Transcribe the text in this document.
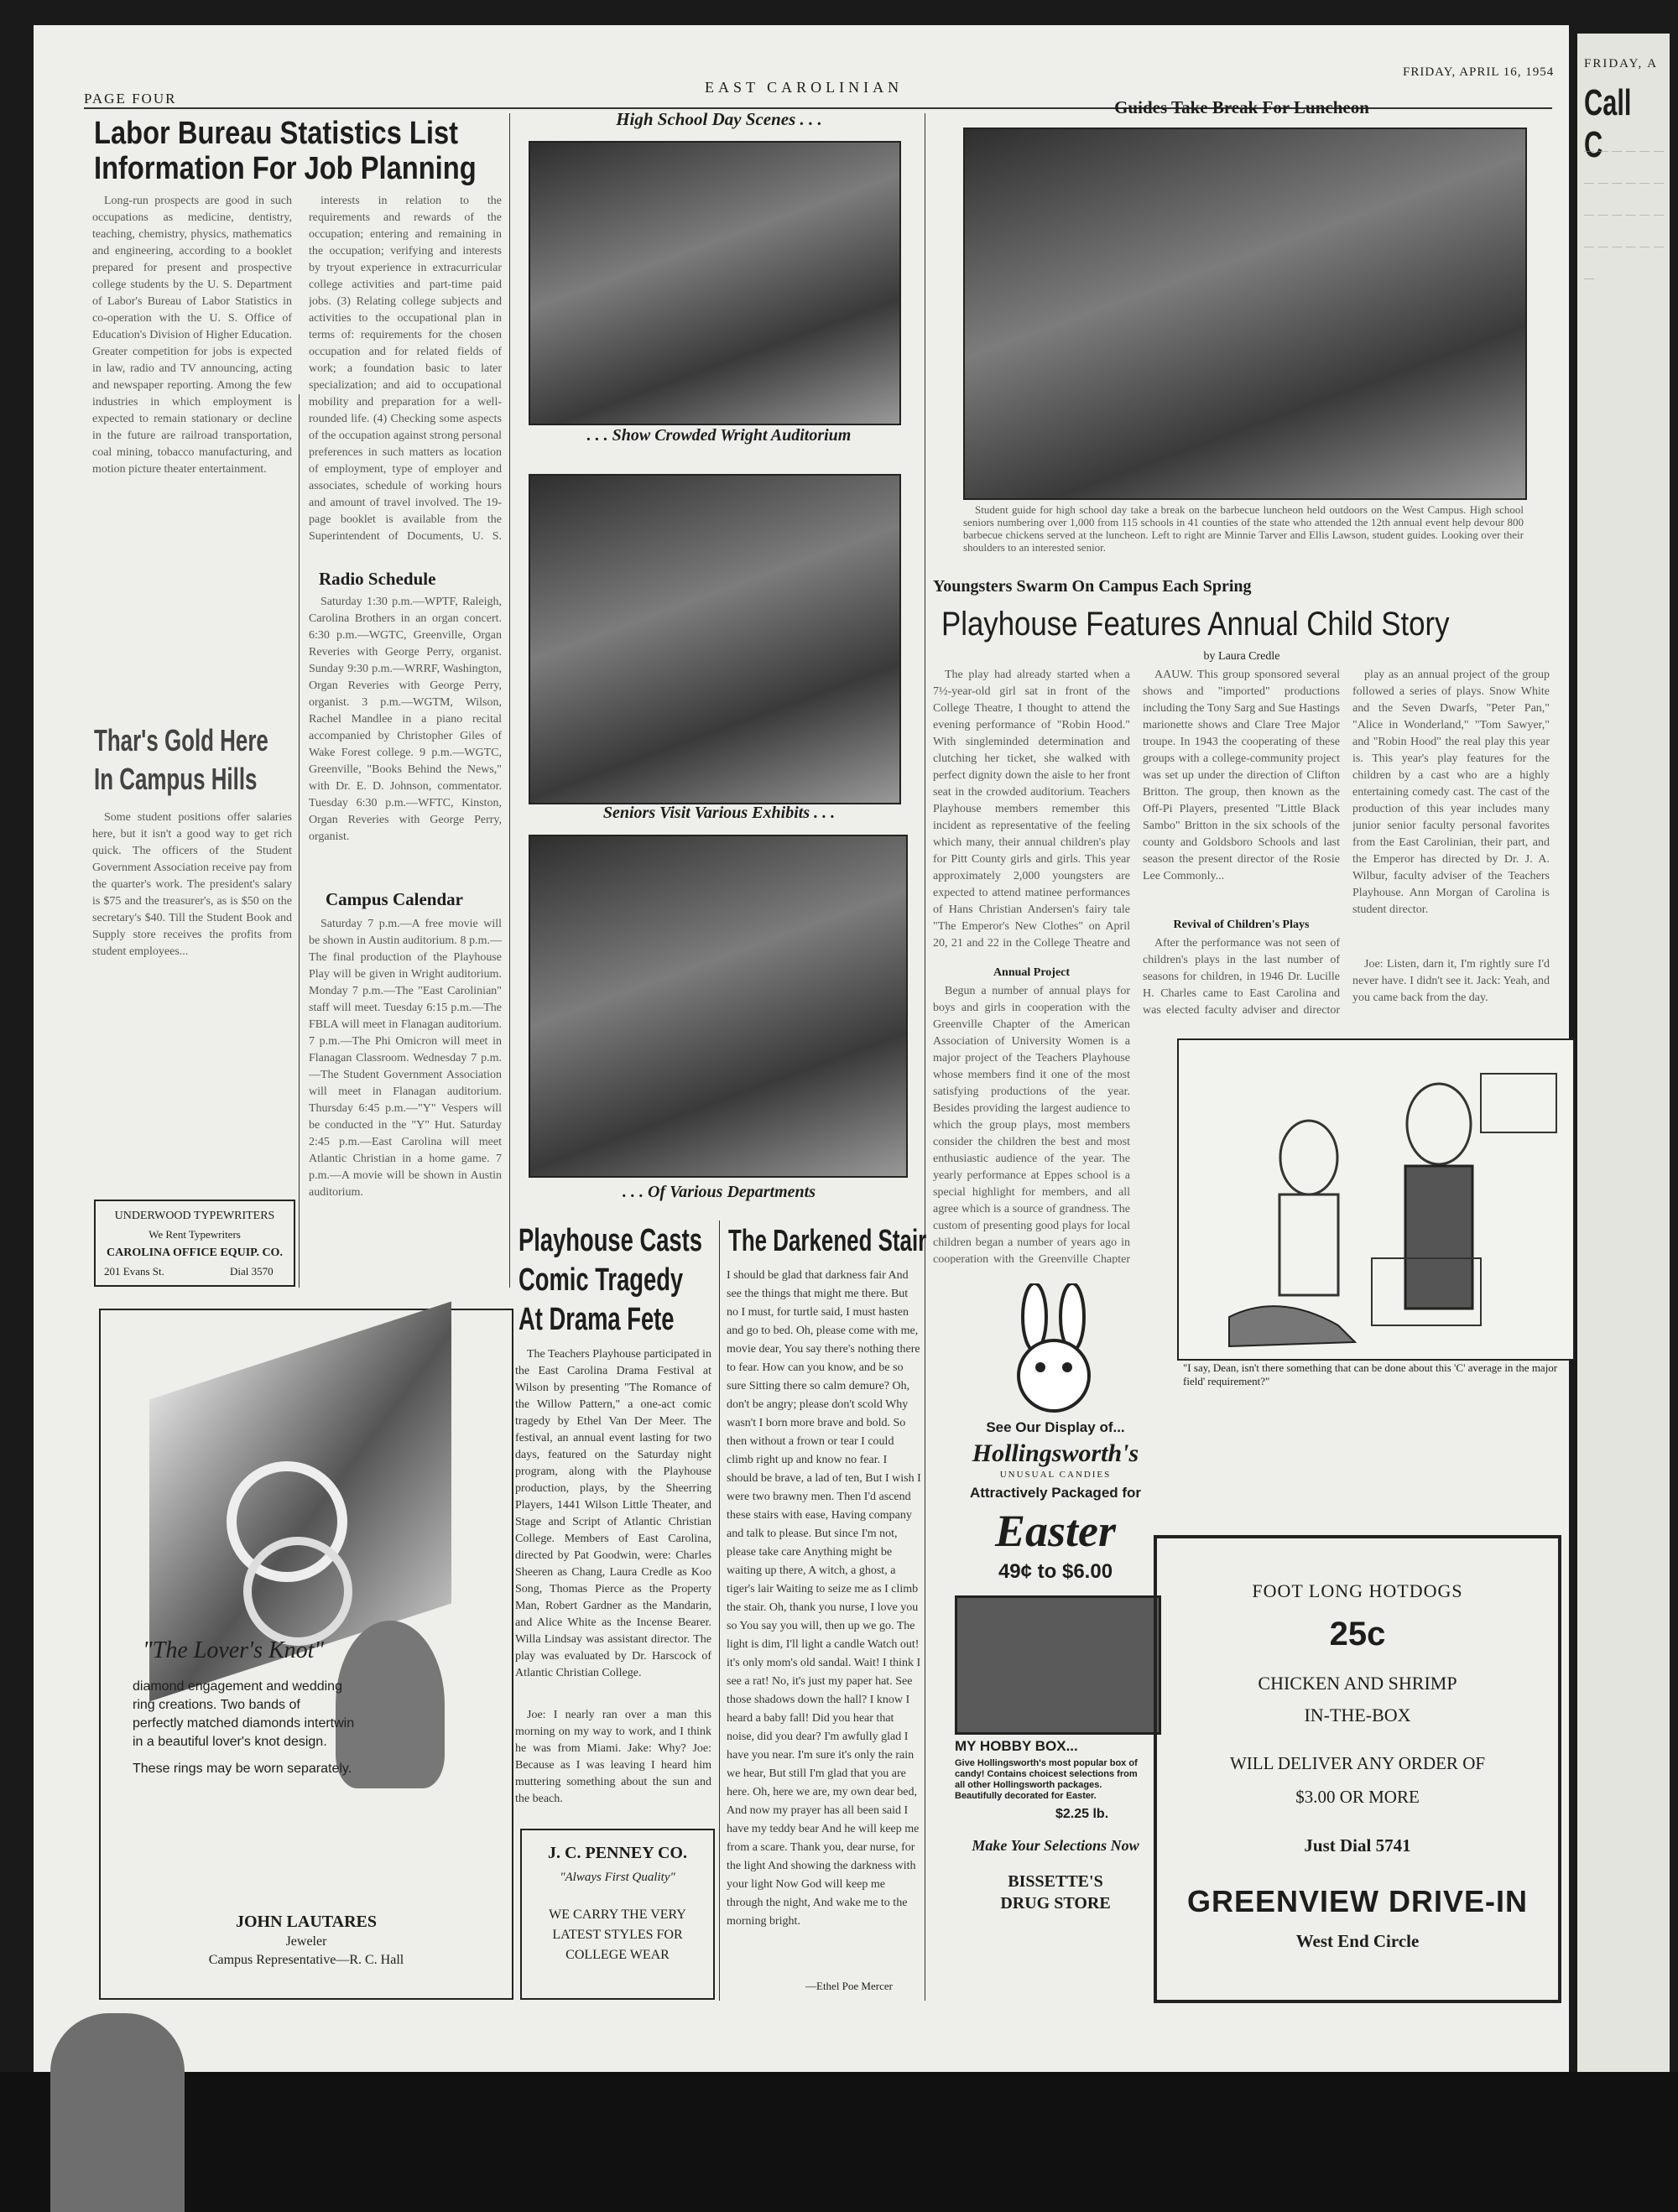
FRIDAY, A
Call C
— — — — — — — — — — — — — — — — — — — — — — — — —
PAGE FOUR
EAST CAROLINIAN
FRIDAY, APRIL 16, 1954
Labor Bureau Statistics List
Information For Job Planning

Long-run prospects are good in such occupations as medicine, dentistry, teaching, chemistry, physics, mathematics and engineering, according to a booklet prepared for present and prospective college students by the U. S. Department of Labor's Bureau of Labor Statistics in co-operation with the U. S. Office of Education's Division of Higher Education. Greater competition for jobs is expected in law, radio and TV announcing, acting and newspaper reporting. Among the few industries in which employment is expected to remain stationary or decline in the future are railroad transportation, coal mining, tobacco manufacturing, and motion picture theater entertainment.

interests in relation to the requirements and rewards of the occupation; entering and remaining in the occupation; verifying and interests by tryout experience in extracurricular college activities and part-time paid jobs. (3) Relating college subjects and activities to the occupational plan in terms of: requirements for the chosen occupation and for related fields of work; a foundation basic to later specialization; and aid to occupational mobility and preparation for a well-rounded life. (4) Checking some aspects of the occupation against strong personal preferences in such matters as location of employment, type of employer and associates, schedule of working hours and amount of travel involved. The 19-page booklet is available from the Superintendent of Documents, U. S.

Thar's Gold Here
In Campus Hills

Some student positions offer salaries here, but it isn't a good way to get rich quick. The officers of the Student Government Association receive pay from the quarter's work. The president's salary is $75 and the treasurer's, as is $50 on the secretary's $40. Till the Student Book and Supply store receives the profits from student employees...

Radio Schedule

Saturday 1:30 p.m.—WPTF, Raleigh, Carolina Brothers in an organ concert. 6:30 p.m.—WGTC, Greenville, Organ Reveries with George Perry, organist. Sunday 9:30 p.m.—WRRF, Washington, Organ Reveries with George Perry, organist. 3 p.m.—WGTM, Wilson, Rachel Mandlee in a piano recital accompanied by Christopher Giles of Wake Forest college. 9 p.m.—WGTC, Greenville, "Books Behind the News," with Dr. E. D. Johnson, commentator. Tuesday 6:30 p.m.—WFTC, Kinston, Organ Reveries with George Perry, organist.

Campus Calendar

Saturday 7 p.m.—A free movie will be shown in Austin auditorium. 8 p.m.—The final production of the Playhouse Play will be given in Wright auditorium. Monday 7 p.m.—The "East Carolinian" staff will meet. Tuesday 6:15 p.m.—The FBLA will meet in Flanagan auditorium. 7 p.m.—The Phi Omicron will meet in Flanagan Classroom. Wednesday 7 p.m.—The Student Government Association will meet in Flanagan auditorium. Thursday 6:45 p.m.—"Y" Vespers will be conducted in the "Y" Hut. Saturday 2:45 p.m.—East Carolina will meet Atlantic Christian in a home game. 7 p.m.—A movie will be shown in Austin auditorium.

UNDERWOOD TYPEWRITERS
We Rent Typewriters
CAROLINA OFFICE EQUIP. CO.
201 Evans St.	Dial 3570
High School Day Scenes . . .
. . . Show Crowded Wright Auditorium
Seniors Visit Various Exhibits . . .
. . . Of Various Departments
Guides Take Break For Luncheon

Student guide for high school day take a break on the barbecue luncheon held outdoors on the West Campus. High school seniors numbering over 1,000 from 115 schools in 41 counties of the state who attended the 12th annual event help devour 800 barbecue chickens served at the luncheon. Left to right are Minnie Tarver and Ellis Lawson, student guides. Looking over their shoulders to an interested senior.

Youngsters Swarm On Campus Each Spring
Playhouse Features Annual Child Story
by Laura Credle

The play had already started when a 7½-year-old girl sat in front of the College Theatre, I thought to attend the evening performance of "Robin Hood." With singleminded determination and clutching her ticket, she walked with perfect dignity down the aisle to her front seat in the crowded auditorium. Teachers Playhouse members remember this incident as representative of the feeling which many, their annual children's play for Pitt County girls and girls. This year approximately 2,000 youngsters are expected to attend matinee performances of Hans Christian Andersen's fairy tale "The Emperor's New Clothes" on April 20, 21 and 22 in the College Theatre and

Annual Project

Begun a number of annual plays for boys and girls in cooperation with the Greenville Chapter of the American Association of University Women is a major project of the Teachers Playhouse whose members find it one of the most satisfying productions of the year. Besides providing the largest audience to which the group plays, most members consider the children the best and most enthusiastic audience of the year. The yearly performance at Eppes school is a special highlight for members, and all agree which is a source of grandness. The custom of presenting good plays for local children began a number of years ago in cooperation with the Greenville Chapter

AAUW. This group sponsored several shows and "imported" productions including the Tony Sarg and Sue Hastings marionette shows and Clare Tree Major troupe. In 1943 the cooperating of these groups with a college-community project was set up under the direction of Clifton Britton. The group, then known as the Off-Pi Players, presented "Little Black Sambo" Britton in the six schools of the county and Goldsboro Schools and last season the present director of the Rosie Lee Commonly...

Revival of Children's Plays

After the performance was not seen of children's plays in the last number of seasons for children, in 1946 Dr. Lucille H. Charles came to East Carolina and was elected faculty adviser and director

play as an annual project of the group followed a series of plays. Snow White and the Seven Dwarfs, "Peter Pan," "Alice in Wonderland," "Tom Sawyer," and "Robin Hood" the real play this year is. This year's play features for the children by a cast who are a highly entertaining comedy cast. The cast of the production of this year includes many junior senior faculty personal favorites from the East Carolinian, their part, and the Emperor has directed by Dr. J. A. Wilbur, faculty adviser of the Teachers Playhouse. Ann Morgan of Carolina is student director.

Joe: Listen, darn it, I'm rightly sure I'd never have. I didn't see it. Jack: Yeah, and you came back from the day.

"I say, Dean, isn't there something that can be done about this 'C' average in the major field' requirement?"
Playhouse Casts
Comic Tragedy
At Drama Fete

The Teachers Playhouse participated in the East Carolina Drama Festival at Wilson by presenting "The Romance of the Willow Pattern," a one-act comic tragedy by Ethel Van Der Meer. The festival, an annual event lasting for two days, featured on the Saturday night program, along with the Playhouse production, plays, by the Sheerring Players, 1441 Wilson Little Theater, and Stage and Script of Atlantic Christian College. Members of East Carolina, directed by Pat Goodwin, were: Charles Sheeren as Chang, Laura Credle as Koo Song, Thomas Pierce as the Property Man, Robert Gardner as the Mandarin, and Alice White as the Incense Bearer. Willa Lindsay was assistant director. The play was evaluated by Dr. Harscock of Atlantic Christian College.

Joe: I nearly ran over a man this morning on my way to work, and I think he was from Miami. Jake: Why? Joe: Because as I was leaving I heard him muttering something about the sun and the beach.

J. C. PENNEY CO.
"Always First Quality"
WE CARRY THE VERY
LATEST STYLES FOR
COLLEGE WEAR
The Darkened Stair
I should be glad that darkness fair And see the things that might me there. But no I must, for turtle said, I must hasten and go to bed. Oh, please come with me, movie dear, You say there's nothing there to fear. How can you know, and be so sure Sitting there so calm demure? Oh, don't be angry; please don't scold Why wasn't I born more brave and bold. So then without a frown or tear I could climb right up and know no fear. I should be brave, a lad of ten, But I wish I were two brawny men. Then I'd ascend these stairs with ease, Having company and talk to please. But since I'm not, please take care Anything might be waiting up there, A witch, a ghost, a tiger's lair Waiting to seize me as I climb the stair. Oh, thank you nurse, I love you so You say you will, then up we go. The light is dim, I'll light a candle Watch out! it's only mom's old sandal. Wait! I think I see a rat! No, it's just my paper hat. See those shadows down the hall? I know I heard a baby fall! Did you hear that noise, did you dear? I'm awfully glad I have you near. I'm sure it's only the rain we hear, But still I'm glad that you are here. Oh, here we are, my own dear bed, And now my prayer has all been said I have my teddy bear And he will keep me from a scare. Thank you, dear nurse, for the light And showing the darkness with your light Now God will keep me through the night, And wake me to the morning bright.
—Ethel Poe Mercer
"The Lover's Knot"
diamond engagement and wedding
ring creations. Two bands of
perfectly matched diamonds intertwin
in a beautiful lover's knot design.
These rings may be worn separately.
JOHN LAUTARES
Jeweler
Campus Representative—R. C. Hall
See Our Display of...
Hollingsworth's
UNUSUAL CANDIES
Attractively Packaged for
Easter
49¢ to $6.00
MY HOBBY BOX...
Give Hollingsworth's most popular box of candy! Contains choicest selections from all other Hollingsworth packages. Beautifully decorated for Easter.
$2.25 lb.
Make Your Selections Now
BISSETTE'S
DRUG STORE
FOOT LONG HOTDOGS
25c
CHICKEN AND SHRIMP
IN-THE-BOX
WILL DELIVER ANY ORDER OF
$3.00 OR MORE
Just Dial 5741
GREENVIEW DRIVE-IN
West End Circle
